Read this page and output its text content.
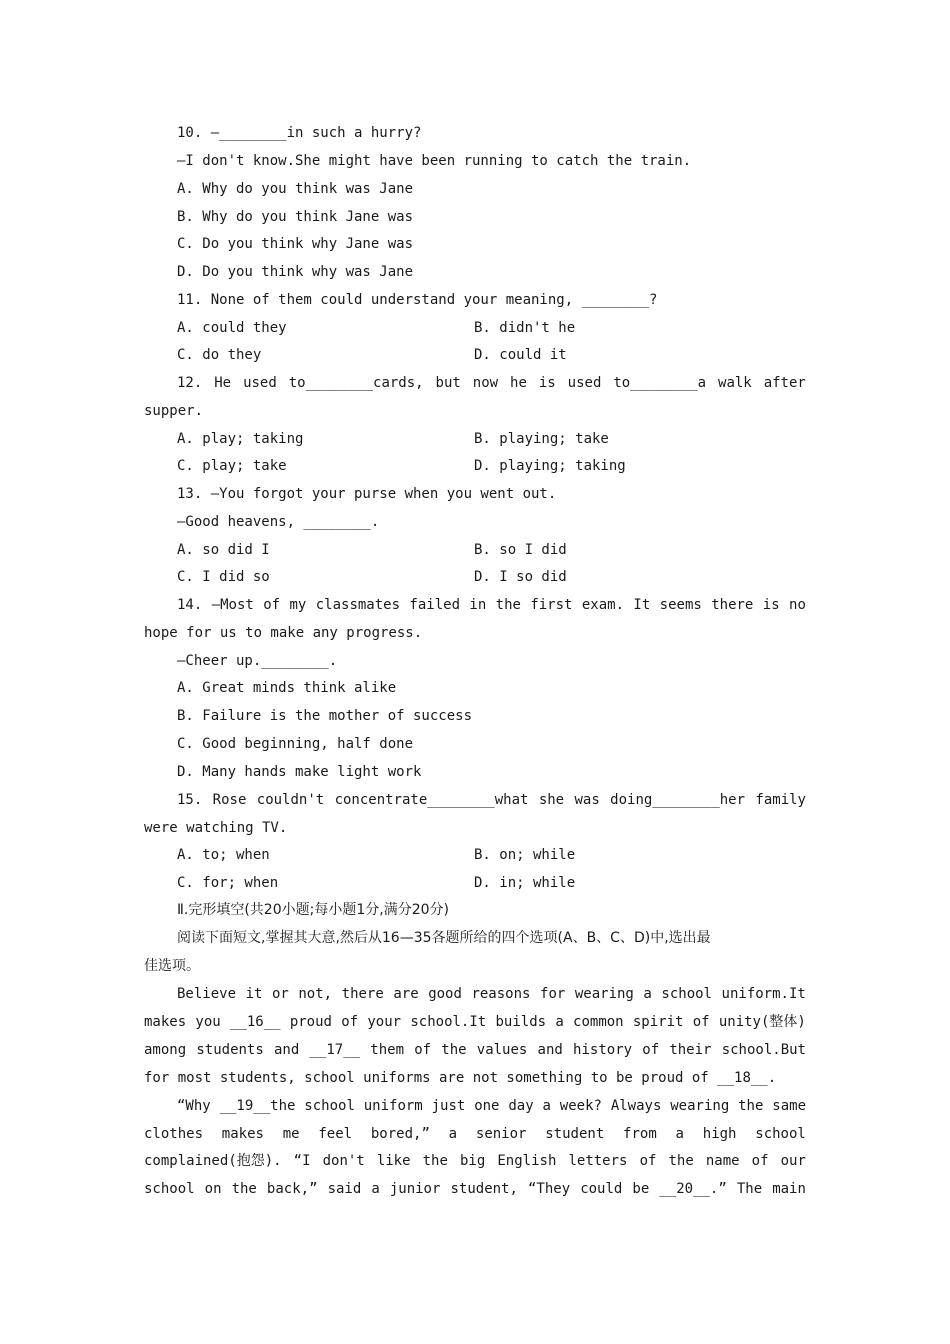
10. —________in such a hurry?
—I don't know.She might have been running to catch the train.
A. Why do you think was Jane
B. Why do you think Jane was
C. Do you think why Jane was
D. Do you think why was Jane
11. None of them could understand your meaning, ________?
A. could they	B. didn't he
C. do they	D. could it
12. He used to________cards, but now he is used to________a walk after
supper.
A. play; taking	B. playing; take
C. play; take	D. playing; taking
13. —You forgot your purse when you went out.
—Good heavens, ________.
A. so did I	B. so I did
C. I did so	D. I so did
14. —Most of my classmates failed in the first exam. It seems there is no
hope for us to make any progress.
—Cheer up.________.
A. Great minds think alike
B. Failure is the mother of success
C. Good beginning, half done
D. Many hands make light work
15. Rose couldn't concentrate________what she was doing________her family
were watching TV.
A. to; when	B. on; while
C. for; when	D. in; while
Ⅱ.完形填空(共20小题;每小题1分,满分20分)
阅读下面短文,掌握其大意,然后从16—35各题所给的四个选项(A、B、C、D)中,选出最
佳选项。
Believe it or not, there are good reasons for wearing a school uniform.It
makes you __16__ proud of your school.It builds a common spirit of unity(整体)
among students and __17__ them of the values and history of their school.But
for most students, school uniforms are not something to be proud of __18__.
“Why __19__the school uniform just one day a week? Always wearing the same
clothes makes me feel bored,” a senior student from a high school
complained(抱怨). “I don't like the big English letters of the name of our
school on the back,” said a junior student, “They could be __20__.” The main
